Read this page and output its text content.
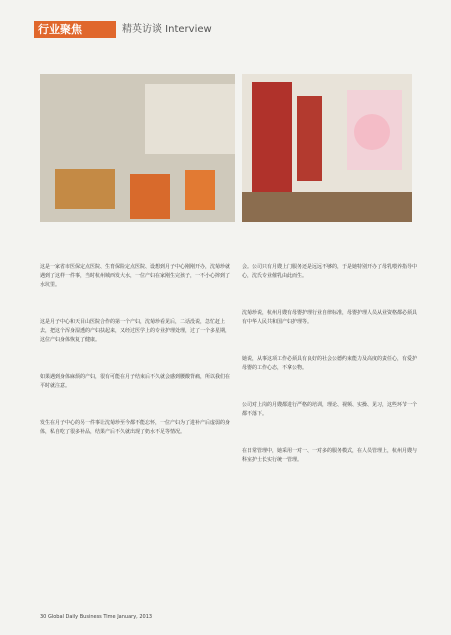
行业聚焦	精英访谈 Interview

这是一家省市医保定点医院、生育保险定点医院、设想到月子中心刚刚开办，沈菊珍就遇到了这样一件事，当时杭州城西发大水，一位产妇在家刚生完孩子，一不小心摔到了水坑里。

这是月子中心和天目山医院合作的第一个产妇，沈菊珍看见后，二话没说，急忙赶上去，把这个浑身湿透的产妇扶起来，又经过医学上的专业护理处理，过了一个多星期，这位产妇身体恢复了健康。

如果遇到身体麻烦的产妇，很有可能在月子结束后不久就会感到腰酸背痛，所以我们在平时就注意。

发生在月子中心的另一件事让沈菊珍至今都不能忘怀，一位产妇为了进补产后虚弱的身体，私自吃了很多补品，结果产后不久就出现了奶水不足等情况。

会。公司只有月嫂上门服务还是远远不够的，于是她特别开办了母乳喂养指导中心，沈氏专业催乳由此而生。

沈菊珍说，杭州月嫂有母婴护理行业自律标准，母婴护理人员从业资格都必须具有中华人民共和国产妇护理等。

她说，从事这项工作必须具有良好的社会公德约束能力及高度的责任心，有爱护母婴的工作心态，不拿公物。

公司对上岗的月嫂都进行严格的培训，理论、视频、实操、见习，这些环节一个都不落下。

在日常管理中，她采用一对一、一对多的服务模式，在人员管理上，杭州月嫂与科室护士长实行统一管理。

30 Global Daily Business Time January, 2013
